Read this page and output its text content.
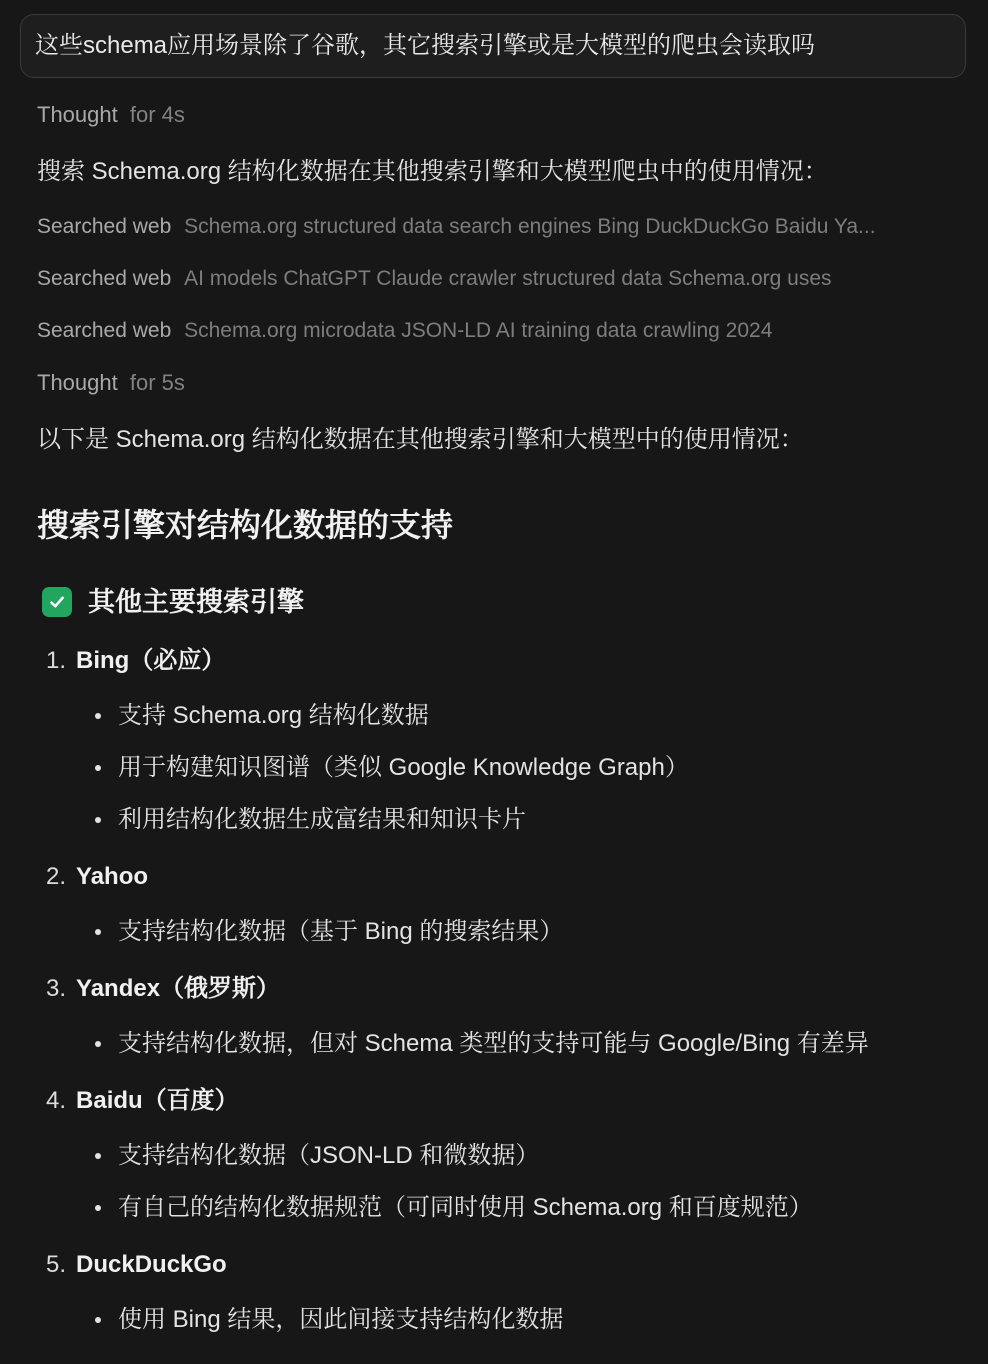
这些schema应用场景除了谷歌，其它搜索引擎或是大模型的爬虫会读取吗
Thought for 4s

搜索 Schema.org 结构化数据在其他搜索引擎和大模型爬虫中的使用情况：

Searched web Schema.org structured data search engines Bing DuckDuckGo Baidu Ya...
Searched web AI models ChatGPT Claude crawler structured data Schema.org uses
Searched web Schema.org microdata JSON-LD AI training data crawling 2024
Thought for 5s

以下是 Schema.org 结构化数据在其他搜索引擎和大模型中的使用情况：

搜索引擎对结构化数据的支持
其他主要搜索引擎
1. Bing（必应）
支持 Schema.org 结构化数据
用于构建知识图谱（类似 Google Knowledge Graph）
利用结构化数据生成富结果和知识卡片
2. Yahoo
支持结构化数据（基于 Bing 的搜索结果）
3. Yandex（俄罗斯）
支持结构化数据，但对 Schema 类型的支持可能与 Google/Bing 有差异
4. Baidu（百度）
支持结构化数据（JSON-LD 和微数据）
有自己的结构化数据规范（可同时使用 Schema.org 和百度规范）
5. DuckDuckGo
使用 Bing 结果，因此间接支持结构化数据
